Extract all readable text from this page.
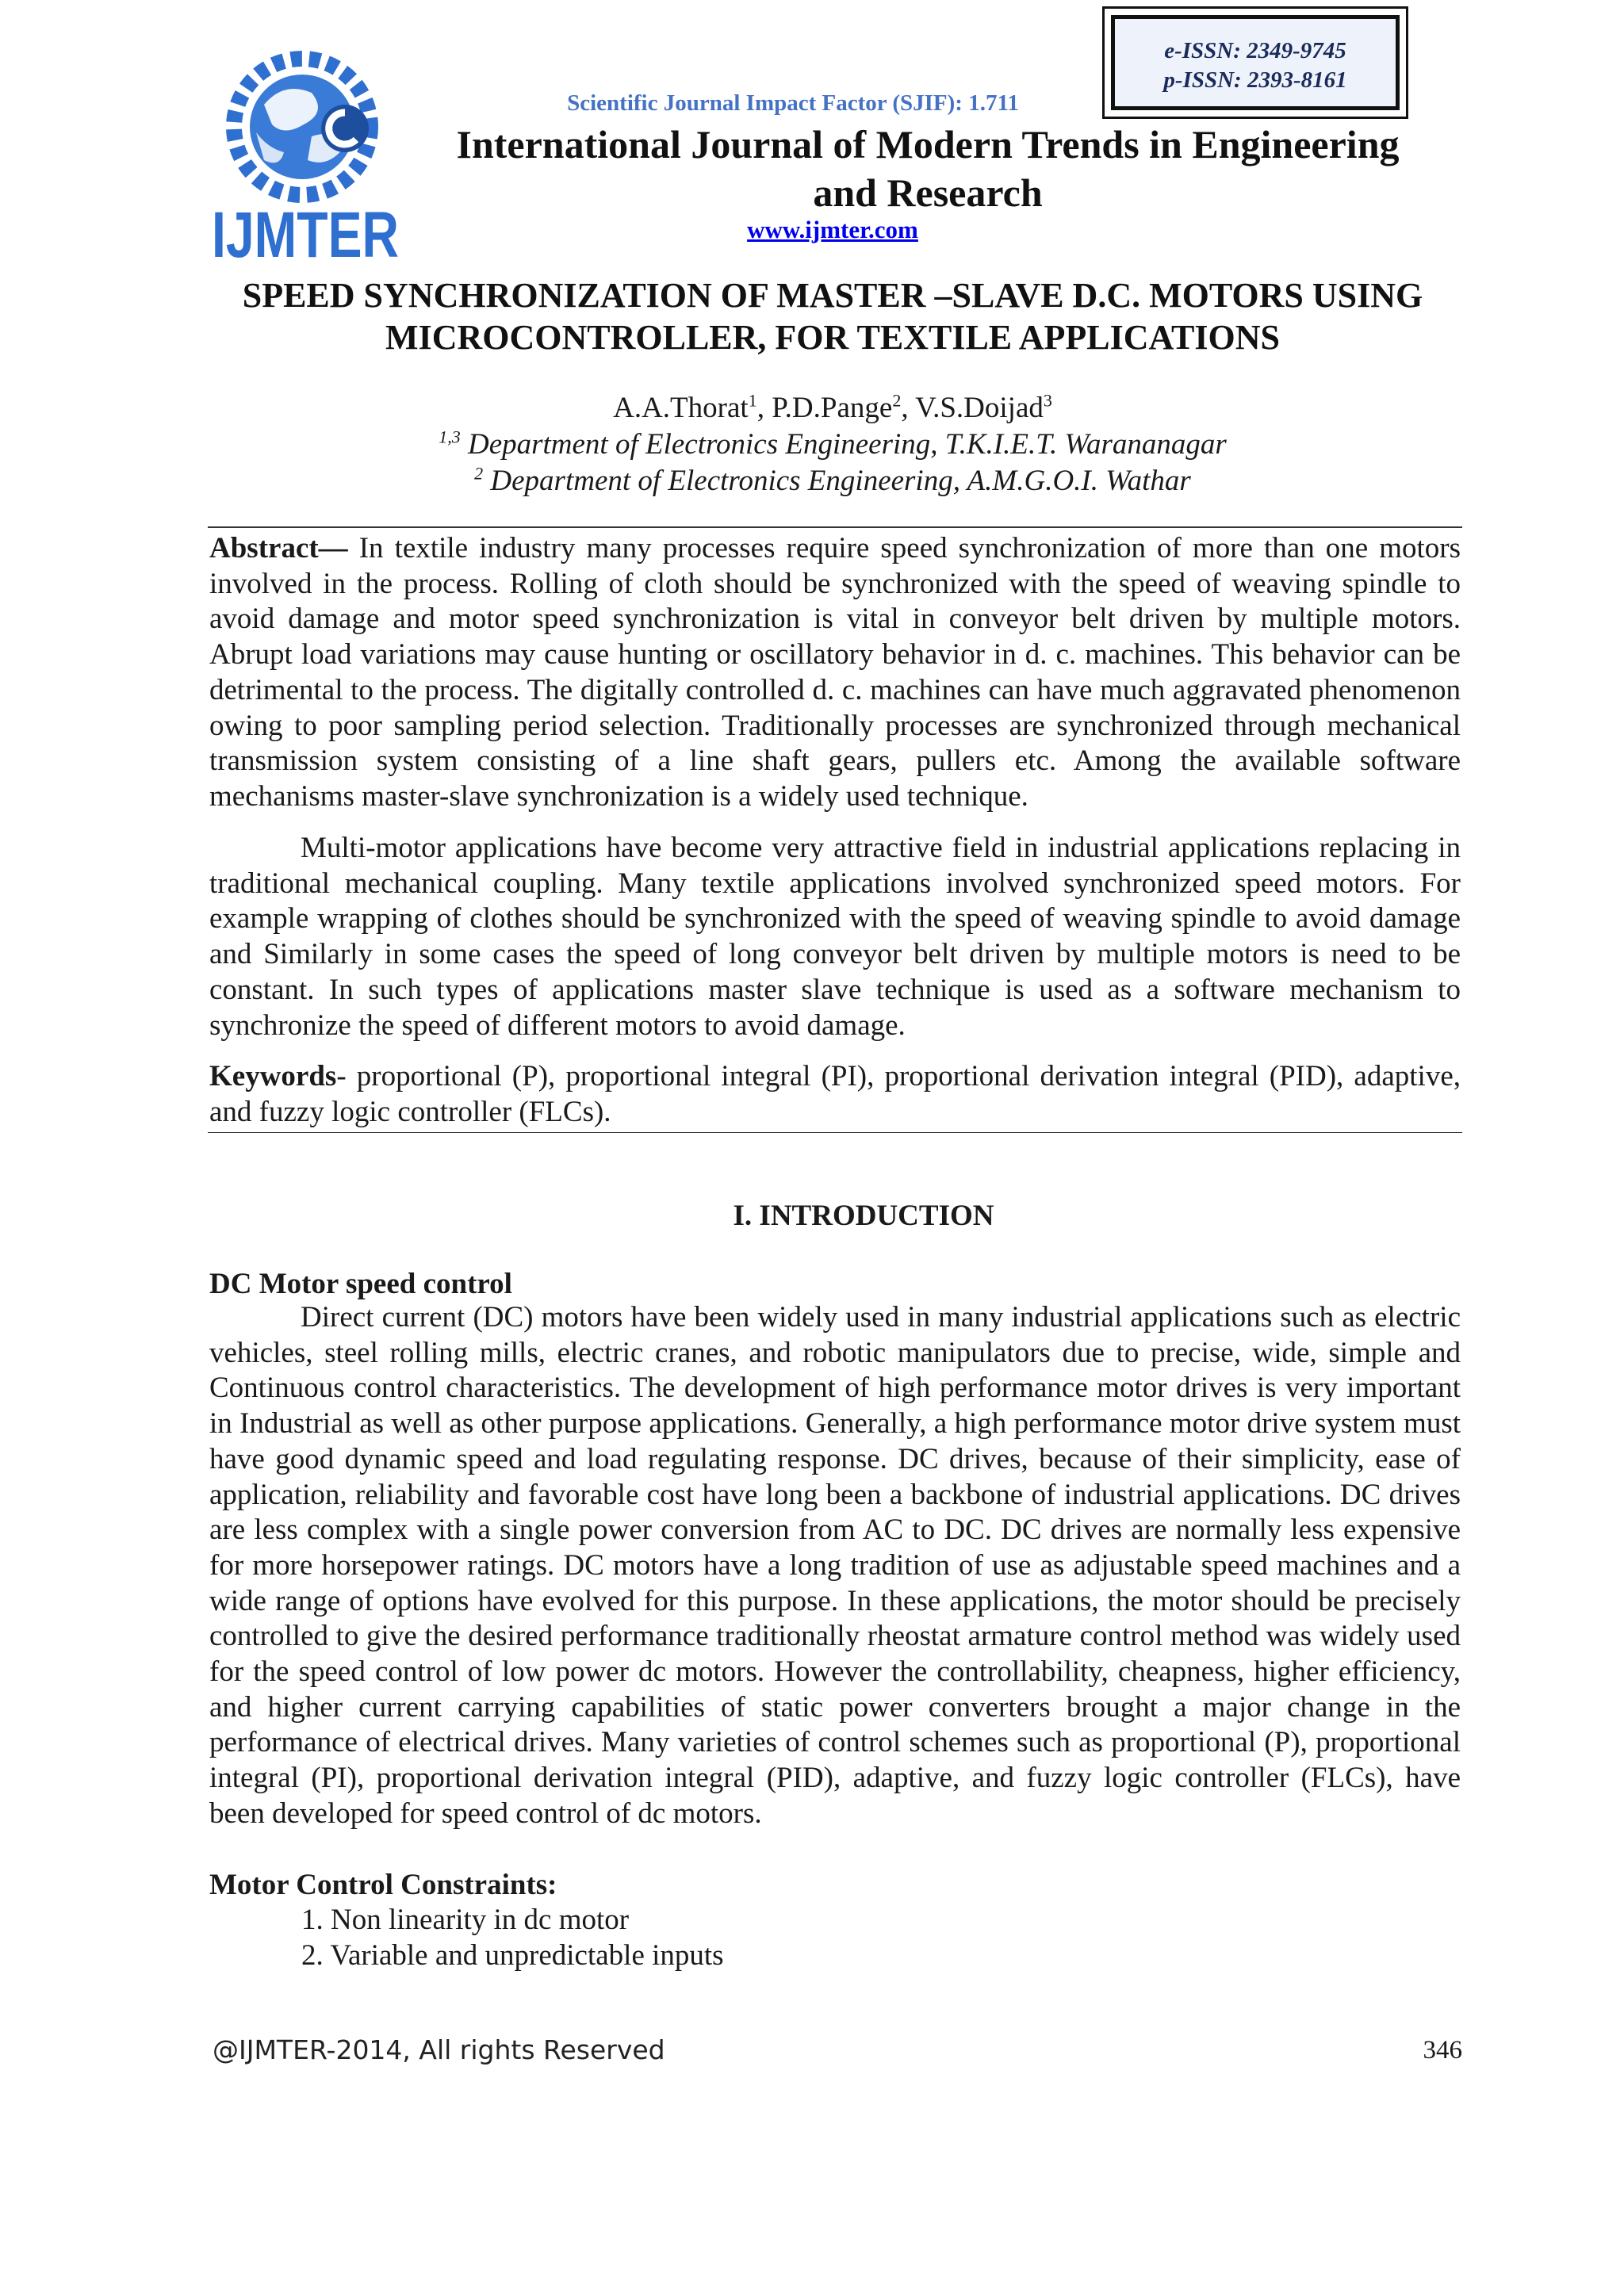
IJMTER
e-ISSN: 2349-9745
p-ISSN: 2393-8161
Scientific Journal Impact Factor (SJIF): 1.711
International Journal of Modern Trends in Engineering
and Research
www.ijmter.com
SPEED SYNCHRONIZATION OF MASTER –SLAVE D.C. MOTORS USING
MICROCONTROLLER, FOR TEXTILE APPLICATIONS
A.A.Thorat$^1$, P.D.Pange$^2$, V.S.Doijad$^3$
$^{1,3}$ Department of Electronics Engineering, T.K.I.E.T. Warananagar
$^2$ Department of Electronics Engineering, A.M.G.O.I. Wathar
Abstract— In textile industry many processes require speed synchronization of more than one motors involved in the process. Rolling of cloth should be synchronized with the speed of weaving spindle to avoid damage and motor speed synchronization is vital in conveyor belt driven by multiple motors. Abrupt load variations may cause hunting or oscillatory behavior in d. c. machines. This behavior can be detrimental to the process. The digitally controlled d. c. machines can have much aggravated phenomenon owing to poor sampling period selection. Traditionally processes are synchronized through mechanical transmission system consisting of a line shaft gears, pullers etc. Among the available software mechanisms master-slave synchronization is a widely used technique.
Multi-motor applications have become very attractive field in industrial applications replacing in traditional mechanical coupling. Many textile applications involved synchronized speed motors. For example wrapping of clothes should be synchronized with the speed of weaving spindle to avoid damage and Similarly in some cases the speed of long conveyor belt driven by multiple motors is need to be constant. In such types of applications master slave technique is used as a software mechanism to synchronize the speed of different motors to avoid damage.
Keywords- proportional (P), proportional integral (PI), proportional derivation integral (PID), adaptive, and fuzzy logic controller (FLCs).
I. INTRODUCTION
DC Motor speed control
Direct current (DC) motors have been widely used in many industrial applications such as electric vehicles, steel rolling mills, electric cranes, and robotic manipulators due to precise, wide, simple and Continuous control characteristics. The development of high performance motor drives is very important in Industrial as well as other purpose applications. Generally, a high performance motor drive system must have good dynamic speed and load regulating response. DC drives, because of their simplicity, ease of application, reliability and favorable cost have long been a backbone of industrial applications. DC drives are less complex with a single power conversion from AC to DC. DC drives are normally less expensive for more horsepower ratings. DC motors have a long tradition of use as adjustable speed machines and a wide range of options have evolved for this purpose. In these applications, the motor should be precisely controlled to give the desired performance traditionally rheostat armature control method was widely used for the speed control of low power dc motors. However the controllability, cheapness, higher efficiency, and higher current carrying capabilities of static power converters brought a major change in the performance of electrical drives. Many varieties of control schemes such as proportional (P), proportional integral (PI), proportional derivation integral (PID), adaptive, and fuzzy logic controller (FLCs), have been developed for speed control of dc motors.
Motor Control Constraints:
1. Non linearity in dc motor
2. Variable and unpredictable inputs
@IJMTER-2014, All rights Reserved	346
